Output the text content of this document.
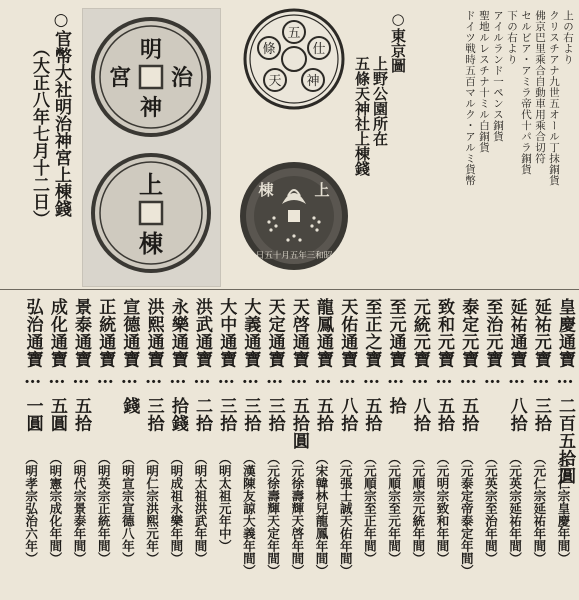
上の右より
クリスチアナ九世五オール丁抹銅貨
佛京巴里乘合自動車用乘合切符
セルビア・アミラ帝代十パラ銅貨
下の右より
アイルランド一ペンス銅貨
聖地ルレスチナ十ミル白銅貨
ドイツ戦時五百マルク・アルミ貨幣
○東京圖
上野公園所在
五條天神社上棟錢
五
仕
神
天
條
上
棟
日五十月五年三和昭
明
治
神
宮
上
棟
○官幣大社明治神宮上棟錢
（大正八年七月十二日）
皇慶通寶…
二百五拾圓
（元仁宗皇慶年間）
延祐元寶…
三拾
（元仁宗延祐年間）
延祐通寶…
八拾
（元英宗延祐年間）
至治元寶…
（元英宗至治年間）
泰定元寶…
五拾
（元泰定帝泰定年間）
致和元寶…
五拾
（元明宗致和年間）
元統元寶…
八拾
（元順宗元統年間）
至元通寶…
拾
（元順宗至元年間）
至正之寶…
五拾
（元順宗至正年間）
天佑通寶…
八拾
（元張士誠天佑年間）
龍鳳通寶…
五拾
（宋韓林兒龍鳳年間）
天啓通寶…
五拾圓
（元徐壽輝天啓年間）
天定通寶…
三拾
（元徐壽輝天定年間）
大義通寶…
三拾
（漢陳友諒大義年間）
大中通寶…
三拾
（明太祖元年中）
洪武通寶…
二拾
（明太祖洪武年間）
永樂通寶…
拾錢
（明成祖永樂年間）
洪熙通寶…
三拾
（明仁宗洪熙元年）
宣德通寶…
錢
（明宣宗宣德八年）
正統通寶…
（明英宗正統年間）
景泰通寶…
五拾
（明代宗景泰年間）
成化通寶…
五圓
（明憲宗成化年間）
弘治通寶…
一圓
（明孝宗弘治六年）
